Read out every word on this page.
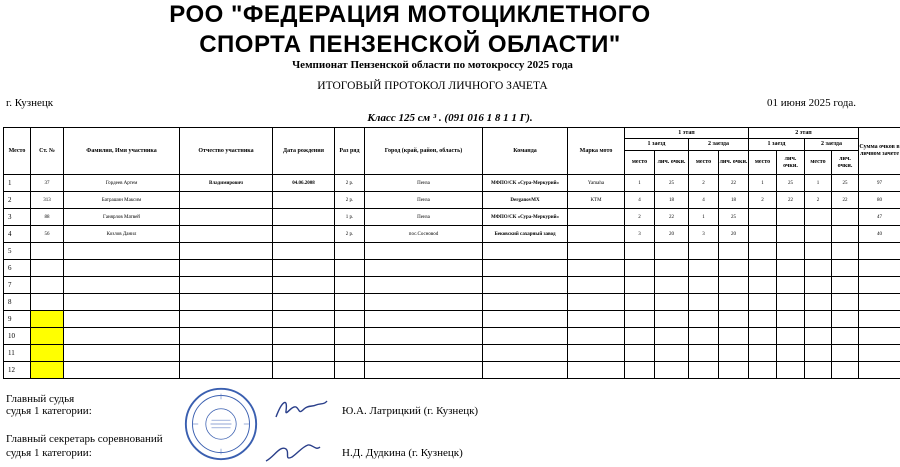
РОО "ФЕДЕРАЦИЯ МОТОЦИКЛЕТНОГО
СПОРТА ПЕНЗЕНСКОЙ ОБЛАСТИ"
Чемпионат Пензенской области по мотокроссу 2025 года
ИТОГОВЫЙ ПРОТОКОЛ ЛИЧНОГО ЗАЧЕТА
г. Кузнецк	01 июня 2025 года.
Класс 125 см ³ . (091 016 1 8 1 1 Г).
Место	Ст. №	Фамилия, Имя участника	Отчество участника	Дата рождения	Раз ряд	Город (край, район, область)	Команда	Марка мото	1 этап				2 этап				Сумма очков в личном зачете
									1 заезд		2 заезда		1 заезд		2 заезда		
									место	лич. очки.	место	лич. очки.	место	лич. очки.	место	лич. очки.	
1	37	Гордеев Артем	Владимирович	04.06.2008	2 р.	Пенза	МФПО/СК «Сура-Меркурий»	Yamaha	1	25	2	22	1	25	1	25	97
2	313	Батрашин Максим			2 р.	Пенза	DerganovMX	KTM	4	18	4	18	2	22	2	22	80
3	88	Ганярлов Матвей			1 р.	Пенза	МФПО/СК «Сура-Меркурий»		2	22	1	25					47
4	56	Козлов Данил			2 р.	пос.Сосновоd	Бековский сахарный завод		3	20	3	20					40
5																	
6																	
7																	
8																	
9																	
10																	
11																	
12																	
Главный судья
судья 1 категории:	Ю.А. Латрицкий (г. Кузнецк)
Главный секретарь соревнований
судья 1 категории:	Н.Д. Дудкина (г. Кузнецк)
